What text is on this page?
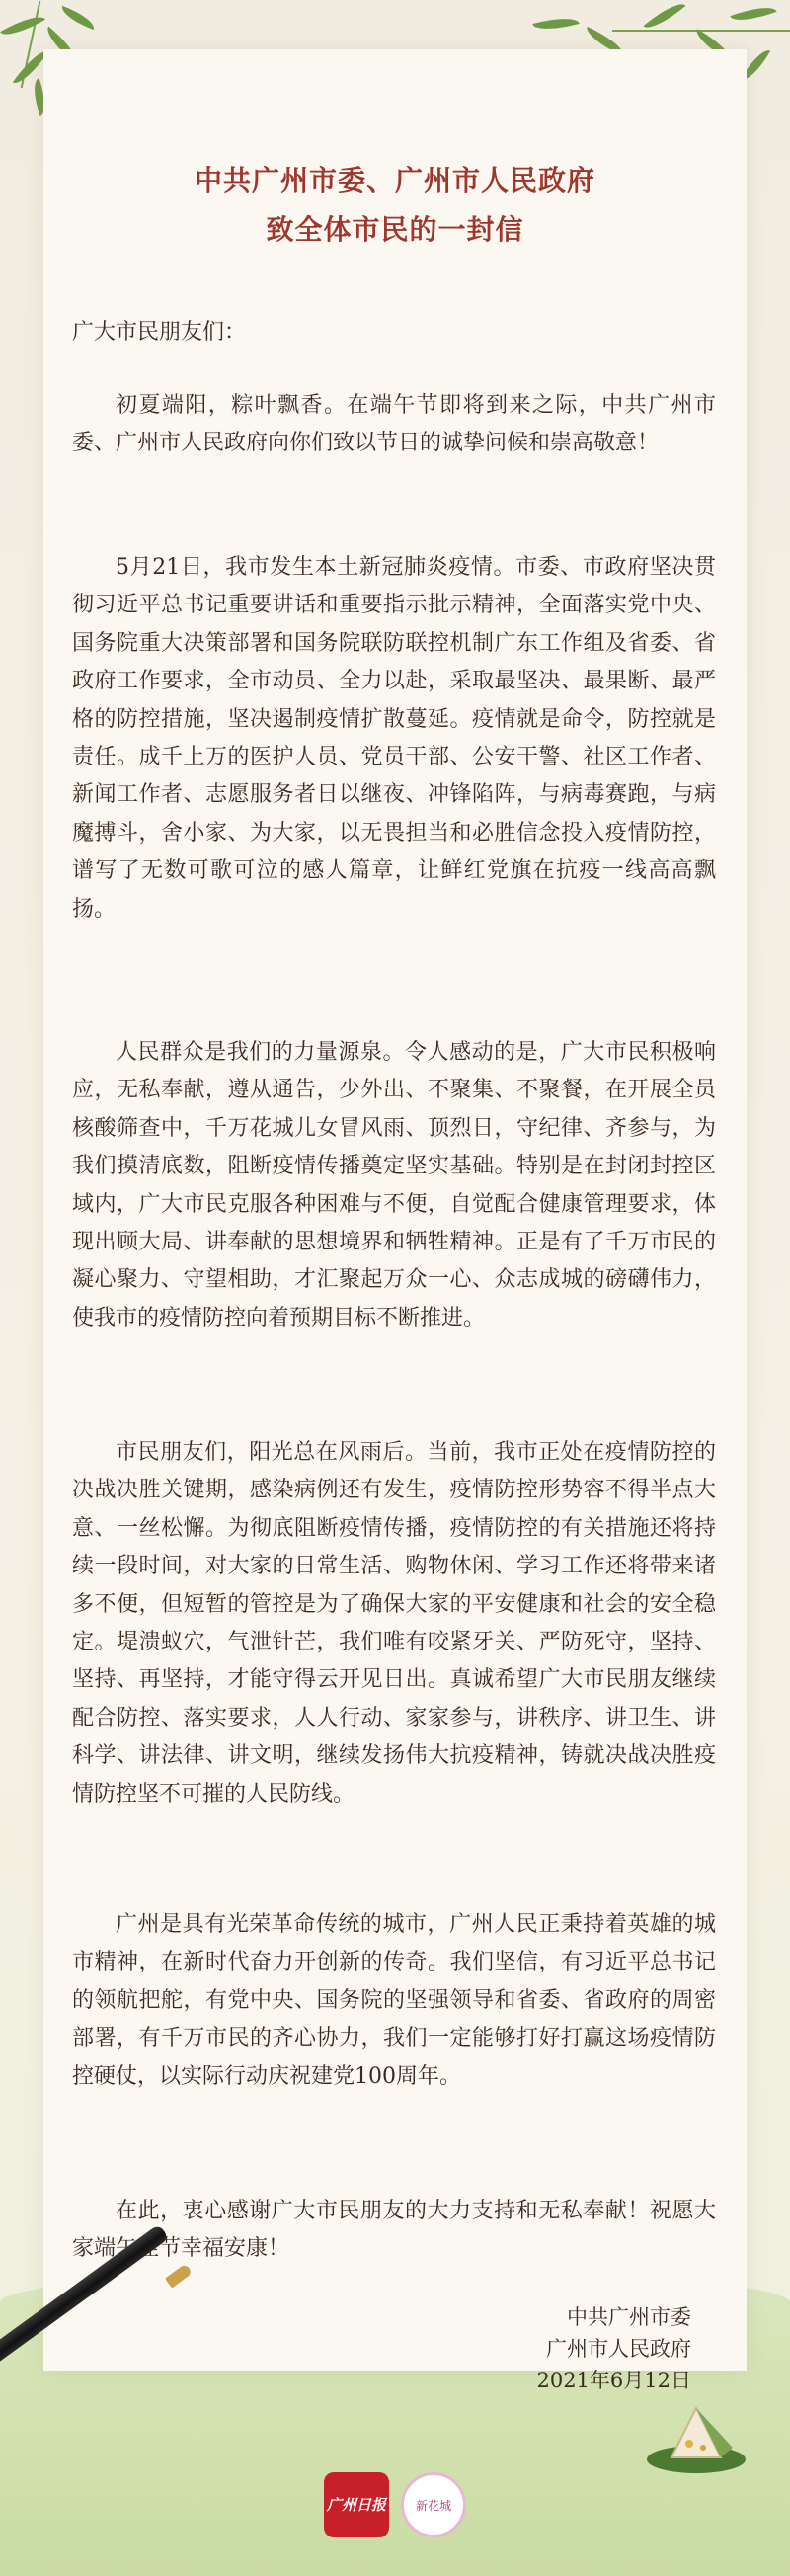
中共广州市委、广州市人民政府
致全体市民的一封信

广大市民朋友们：

初夏端阳，粽叶飘香。在端午节即将到来之际，中共广州市委、广州市人民政府向你们致以节日的诚挚问候和崇高敬意！

5月21日，我市发生本土新冠肺炎疫情。市委、市政府坚决贯彻习近平总书记重要讲话和重要指示批示精神，全面落实党中央、国务院重大决策部署和国务院联防联控机制广东工作组及省委、省政府工作要求，全市动员、全力以赴，采取最坚决、最果断、最严格的防控措施，坚决遏制疫情扩散蔓延。疫情就是命令，防控就是责任。成千上万的医护人员、党员干部、公安干警、社区工作者、新闻工作者、志愿服务者日以继夜、冲锋陷阵，与病毒赛跑，与病魔搏斗，舍小家、为大家，以无畏担当和必胜信念投入疫情防控，谱写了无数可歌可泣的感人篇章，让鲜红党旗在抗疫一线高高飘扬。

人民群众是我们的力量源泉。令人感动的是，广大市民积极响应，无私奉献，遵从通告，少外出、不聚集、不聚餐，在开展全员核酸筛查中，千万花城儿女冒风雨、顶烈日，守纪律、齐参与，为我们摸清底数，阻断疫情传播奠定坚实基础。特别是在封闭封控区域内，广大市民克服各种困难与不便，自觉配合健康管理要求，体现出顾大局、讲奉献的思想境界和牺牲精神。正是有了千万市民的凝心聚力、守望相助，才汇聚起万众一心、众志成城的磅礴伟力，使我市的疫情防控向着预期目标不断推进。

市民朋友们，阳光总在风雨后。当前，我市正处在疫情防控的决战决胜关键期，感染病例还有发生，疫情防控形势容不得半点大意、一丝松懈。为彻底阻断疫情传播，疫情防控的有关措施还将持续一段时间，对大家的日常生活、购物休闲、学习工作还将带来诸多不便，但短暂的管控是为了确保大家的平安健康和社会的安全稳定。堤溃蚁穴，气泄针芒，我们唯有咬紧牙关、严防死守，坚持、坚持、再坚持，才能守得云开见日出。真诚希望广大市民朋友继续配合防控、落实要求，人人行动、家家参与，讲秩序、讲卫生、讲科学、讲法律、讲文明，继续发扬伟大抗疫精神，铸就决战决胜疫情防控坚不可摧的人民防线。

广州是具有光荣革命传统的城市，广州人民正秉持着英雄的城市精神，在新时代奋力开创新的传奇。我们坚信，有习近平总书记的领航把舵，有党中央、国务院的坚强领导和省委、省政府的周密部署，有千万市民的齐心协力，我们一定能够打好打赢这场疫情防控硬仗，以实际行动庆祝建党100周年。

在此，衷心感谢广大市民朋友的大力支持和无私奉献！祝愿大家端午佳节幸福安康！

中共广州市委
广州市人民政府
2021年6月12日
广州日报 新花城
